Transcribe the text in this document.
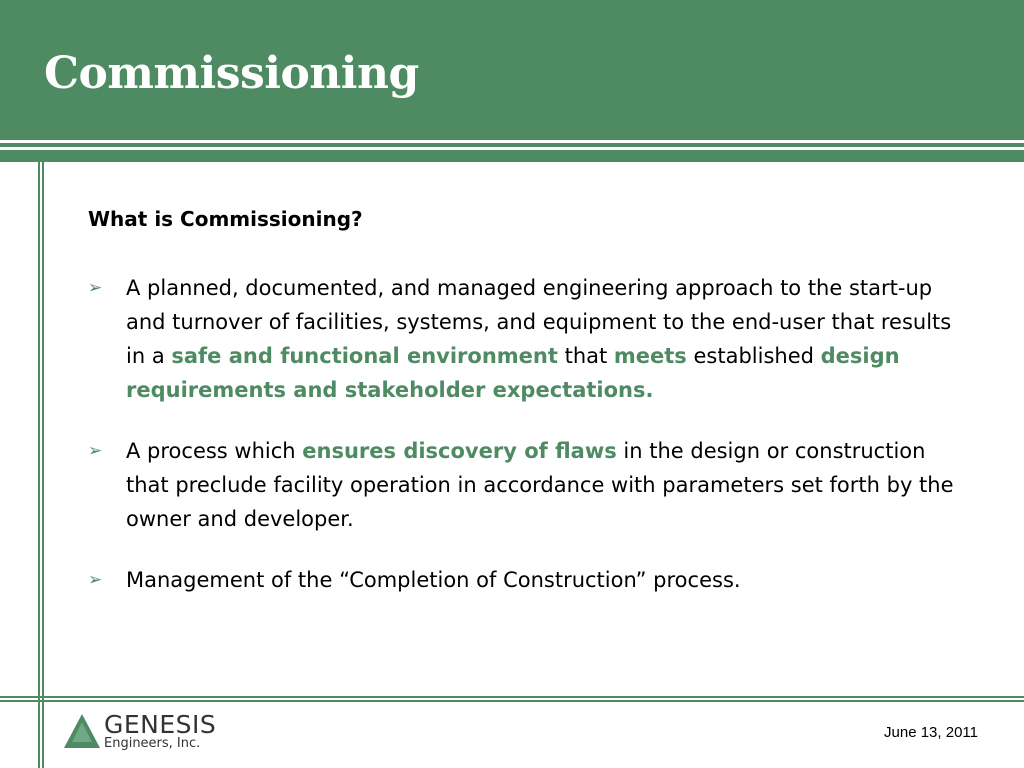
Commissioning

What is Commissioning?

➢ A planned, documented, and managed engineering approach to the start-up and turnover of facilities, systems, and equipment to the end-user that results in a safe and functional environment that meets established design requirements and stakeholder expectations.
➢ A process which ensures discovery of flaws in the design or construction that preclude facility operation in accordance with parameters set forth by the owner and developer.
➢ Management of the “Completion of Construction” process.
GENESIS
Engineers, Inc.
June 13, 2011
